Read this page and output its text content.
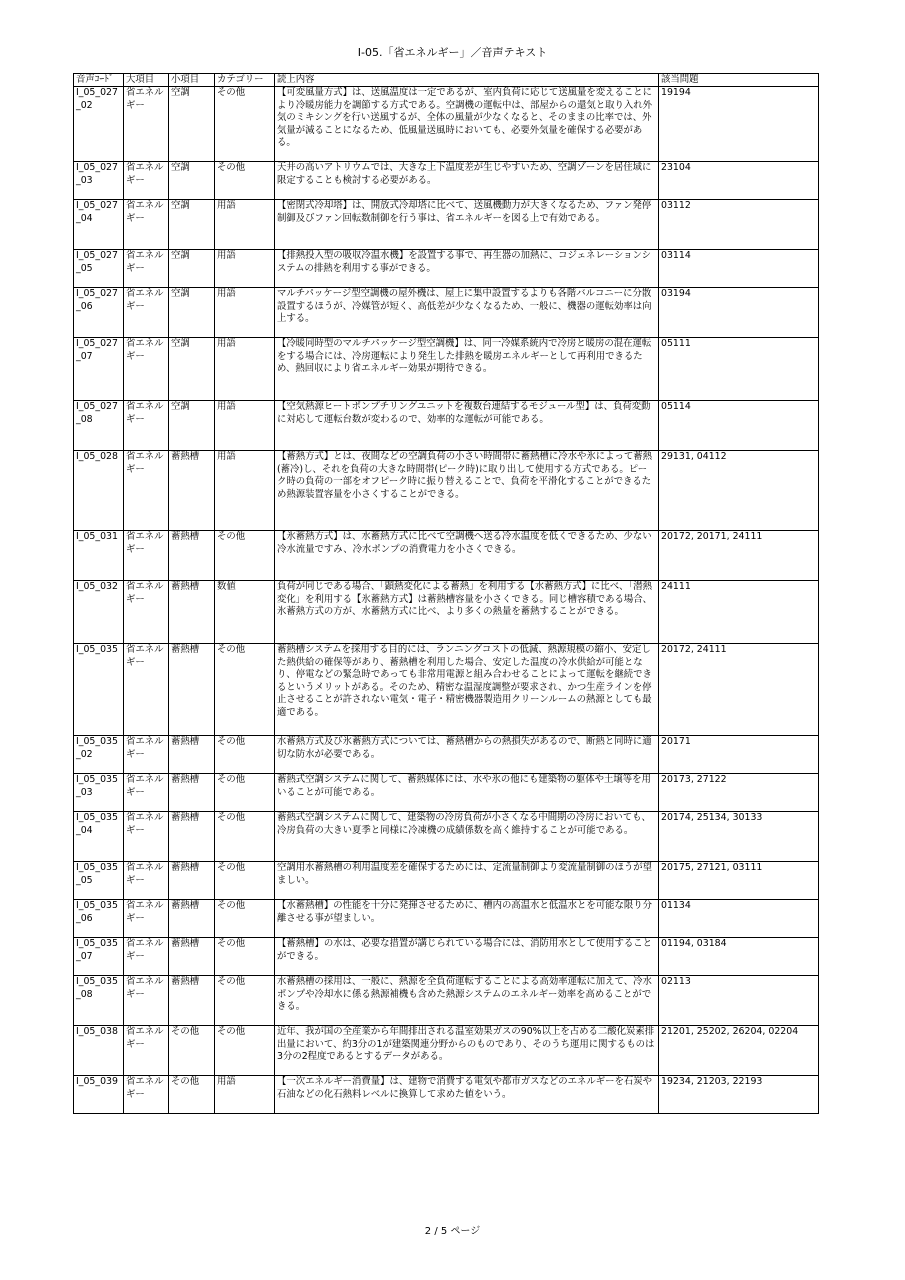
I-05.「省エネルギー」／音声テキスト
音声ｺｰﾄﾞ	大項目	小項目	カテゴリー	読上内容	該当問題
I_05_027_02	省エネルギー	空調	その他	【可変風量方式】は、送風温度は一定であるが、室内負荷に応じて送風量を変えることにより冷暖房能力を調節する方式である。空調機の運転中は、部屋からの還気と取り入れ外気のミキシングを行い送風するが、全体の風量が少なくなると、そのままの比率では、外気量が減ることになるため、低風量送風時においても、必要外気量を確保する必要がある。	19194
I_05_027_03	省エネルギー	空調	その他	天井の高いアトリウムでは、大きな上下温度差が生じやすいため、空調ゾーンを居住域に限定することも検討する必要がある。	23104
I_05_027_04	省エネルギー	空調	用語	【密閉式冷却塔】は、開放式冷却塔に比べて、送風機動力が大きくなるため、ファン発停制御及びファン回転数制御を行う事は、省エネルギーを図る上で有効である。	03112
I_05_027_05	省エネルギー	空調	用語	【排熱投入型の吸収冷温水機】を設置する事で、再生器の加熱に、コジェネレーションシステムの排熱を利用する事ができる。	03114
I_05_027_06	省エネルギー	空調	用語	マルチパッケージ型空調機の屋外機は、屋上に集中設置するよりも各階バルコニーに分散設置するほうが、冷媒管が短く、高低差が少なくなるため、一般に、機器の運転効率は向上する。	03194
I_05_027_07	省エネルギー	空調	用語	【冷暖同時型のマルチパッケージ型空調機】は、同一冷媒系統内で冷房と暖房の混在運転をする場合には、冷房運転により発生した排熱を暖房エネルギーとして再利用できるため、熱回収により省エネルギー効果が期待できる。	05111
I_05_027_08	省エネルギー	空調	用語	【空気熱源ヒートポンプチリングユニットを複数台連結するモジュール型】は、負荷変動に対応して運転台数が変わるので、効率的な運転が可能である。	05114
I_05_028	省エネルギー	蓄熱槽	用語	【蓄熱方式】とは、夜間などの空調負荷の小さい時間帯に蓄熱槽に冷水や氷によって蓄熱(蓄冷)し、それを負荷の大きな時間帯(ピーク時)に取り出して使用する方式である。ピーク時の負荷の一部をオフピーク時に振り替えることで、負荷を平滑化することができるため熱源装置容量を小さくすることができる。	29131, 04112
I_05_031	省エネルギー	蓄熱槽	その他	【氷蓄熱方式】は、水蓄熱方式に比べて空調機へ送る冷水温度を低くできるため、少ない冷水流量ですみ、冷水ポンプの消費電力を小さくできる。	20172, 20171, 24111
I_05_032	省エネルギー	蓄熱槽	数値	負荷が同じである場合、「顕熱変化による蓄熱」を利用する【水蓄熱方式】に比べ、「潜熱変化」を利用する【氷蓄熱方式】は蓄熱槽容量を小さくできる。同じ槽容積である場合、氷蓄熱方式の方が、水蓄熱方式に比べ、より多くの熱量を蓄熱することができる。	24111
I_05_035	省エネルギー	蓄熱槽	その他	蓄熱槽システムを採用する目的には、ランニングコストの低減、熱源規模の縮小、安定した熱供給の確保等があり、蓄熱槽を利用した場合、安定した温度の冷水供給が可能となり、停電などの緊急時であっても非常用電源と組み合わせることによって運転を継続できるというメリットがある。そのため、精密な温湿度調整が要求され、かつ生産ラインを停止させることが許されない電気・電子・精密機器製造用クリーンルームの熱源としても最適である。	20172, 24111
I_05_035_02	省エネルギー	蓄熱槽	その他	水蓄熱方式及び氷蓄熱方式については、蓄熱槽からの熱損失があるので、断熱と同時に適切な防水が必要である。	20171
I_05_035_03	省エネルギー	蓄熱槽	その他	蓄熱式空調システムに関して、蓄熱媒体には、水や氷の他にも建築物の躯体や土壌等を用いることが可能である。	20173, 27122
I_05_035_04	省エネルギー	蓄熱槽	その他	蓄熱式空調システムに関して、建築物の冷房負荷が小さくなる中間期の冷房においても、冷房負荷の大きい夏季と同様に冷凍機の成績係数を高く維持することが可能である。	20174, 25134, 30133
I_05_035_05	省エネルギー	蓄熱槽	その他	空調用水蓄熱槽の利用温度差を確保するためには、定流量制御より変流量制御のほうが望ましい。	20175, 27121, 03111
I_05_035_06	省エネルギー	蓄熱槽	その他	【水蓄熱槽】の性能を十分に発揮させるために、槽内の高温水と低温水とを可能な限り分離させる事が望ましい。	01134
I_05_035_07	省エネルギー	蓄熱槽	その他	【蓄熱槽】の水は、必要な措置が講じられている場合には、消防用水として使用することができる。	01194, 03184
I_05_035_08	省エネルギー	蓄熱槽	その他	水蓄熱槽の採用は、一般に、熱源を全負荷運転することによる高効率運転に加えて、冷水ポンプや冷却水に係る熱源補機も含めた熱源システムのエネルギー効率を高めることができる。	02113
I_05_038	省エネルギー	その他	その他	近年、我が国の全産業から年間排出される温室効果ガスの90%以上を占める二酸化炭素排出量において、約3分の1が建築関連分野からのものであり、そのうち運用に関するものは3分の2程度であるとするデータがある。	21201, 25202, 26204, 02204
I_05_039	省エネルギー	その他	用語	【一次エネルギー消費量】は、建物で消費する電気や都市ガスなどのエネルギーを石炭や石油などの化石熱料レベルに換算して求めた値をいう。	19234, 21203, 22193
2 / 5 ページ
